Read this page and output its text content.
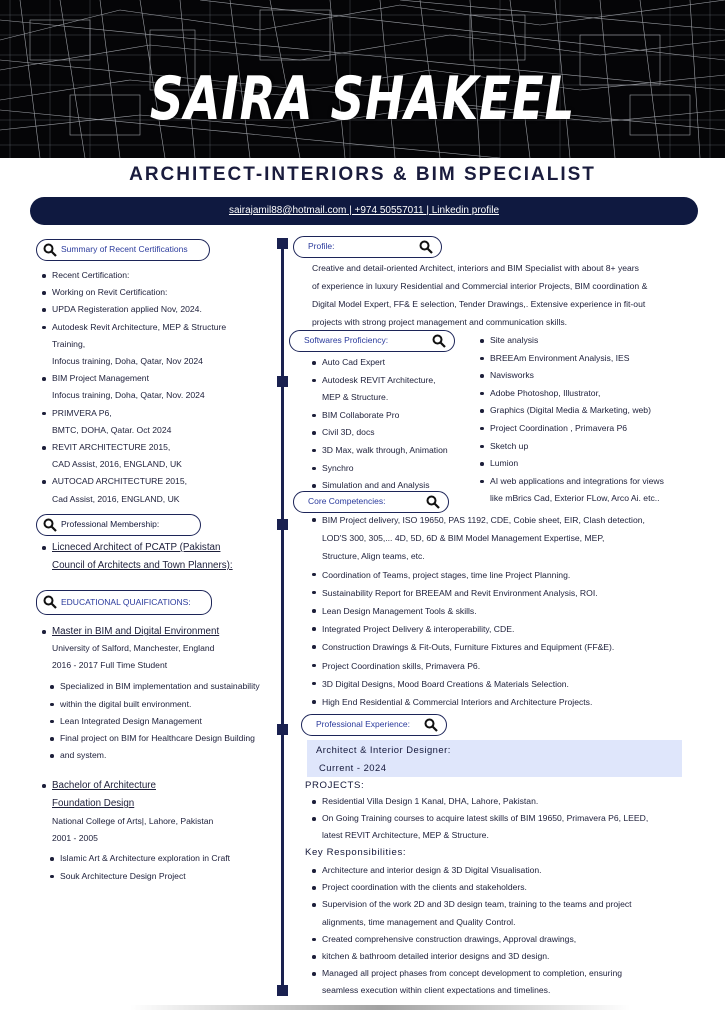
SAIRA SHAKEEL
ARCHITECT-INTERIORS & BIM SPECIALIST
sairajamil88@hotmail.com | +974 50557011 | Linkedin profile
Summary of Recent Certifications
Recent Certification:
Working on Revit Certification:
UPDA Registeration applied Nov, 2024.
Autodesk Revit Architecture, MEP & Structure
Training,
Infocus training, Doha, Qatar, Nov 2024
BIM Project Management
Infocus training, Doha, Qatar, Nov. 2024
PRIMVERA P6,
BMTC, DOHA, Qatar. Oct 2024
REVIT ARCHITECTURE 2015,
CAD Assist, 2016, ENGLAND, UK
AUTOCAD ARCHITECTURE 2015,
Cad Assist, 2016, ENGLAND, UK
Professional Membership:
Licneced Architect of PCATP (Pakistan
Council of Architects and Town Planners):
EDUCATIONAL QUAIFICATIONS:
Master in BIM and Digital Environment
University of Salford, Manchester, England
2016 - 2017 Full Time Student
Specialized in BIM implementation and sustainability
within the digital built environment.
Lean Integrated Design Management
Final project on BIM for Healthcare Design Building
and system.
Bachelor of Architecture
Foundation Design
National College of Arts|, Lahore, Pakistan
2001 - 2005
Islamic Art & Architecture exploration in Craft
Souk Architecture Design Project
Profile:
Creative and detail-oriented Architect, interiors and BIM Specialist with about 8+ years
of experience in luxury Residential and Commercial interior Projects, BIM coordination &
Digital Model Expert, FF& E selection, Tender Drawings,. Extensive experience in fit-out
projects with strong project management and communication skills.
Softwares Proficiency:
Auto Cad Expert
Autodesk REVIT Architecture,
MEP & Structure.
BIM Collaborate Pro
Civil 3D, docs
3D Max, walk through, Animation
Synchro
Simulation and and Analysis
Site analysis
BREEAm Environment Analysis, IES
Navisworks
Adobe Photoshop, Illustrator,
Graphics (Digital Media & Marketing, web)
Project Coordination , Primavera P6
Sketch up
Lumion
AI web applications and integrations for views
like mBrics Cad, Exterior FLow, Arco Ai. etc..
Core Competencies:
BIM Project delivery, ISO 19650, PAS 1192, CDE, Cobie sheet, EIR, Clash detection,
LOD'S 300, 305,... 4D, 5D, 6D & BIM Model Management Expertise, MEP,
Structure, Align teams, etc.
Coordination of Teams, project stages, time line Project Planning.
Sustainability Report for BREEAM and Revit Environment Analysis, ROI.
Lean Design Management Tools & skills.
Integrated Project Delivery & interoperability, CDE.
Construction Drawings & Fit-Outs, Furniture Fixtures and Equipment (FF&E).
Project Coordination skills, Primavera P6.
3D Digital Designs, Mood Board Creations & Materials Selection.
High End Residential & Commercial Interiors and Architecture Projects.
Professional Experience:
Architect & Interior Designer:
Current - 2024
PROJECTS:
Residential Villa Design 1 Kanal, DHA, Lahore, Pakistan.
On Going Training courses to acquire latest skills of BIM 19650, Primavera P6, LEED,
latest REVIT Architecture, MEP & Structure.
Key Responsibilities:
Architecture and interior design & 3D Digital Visualisation.
Project coordination with the clients and stakeholders.
Supervision of the work 2D and 3D design team, training to the teams and project
alignments, time management and Quality Control.
Created comprehensive construction drawings, Approval drawings,
kitchen & bathroom detailed interior designs and 3D design.
Managed all project phases from concept development to completion, ensuring
seamless execution within client expectations and timelines.
